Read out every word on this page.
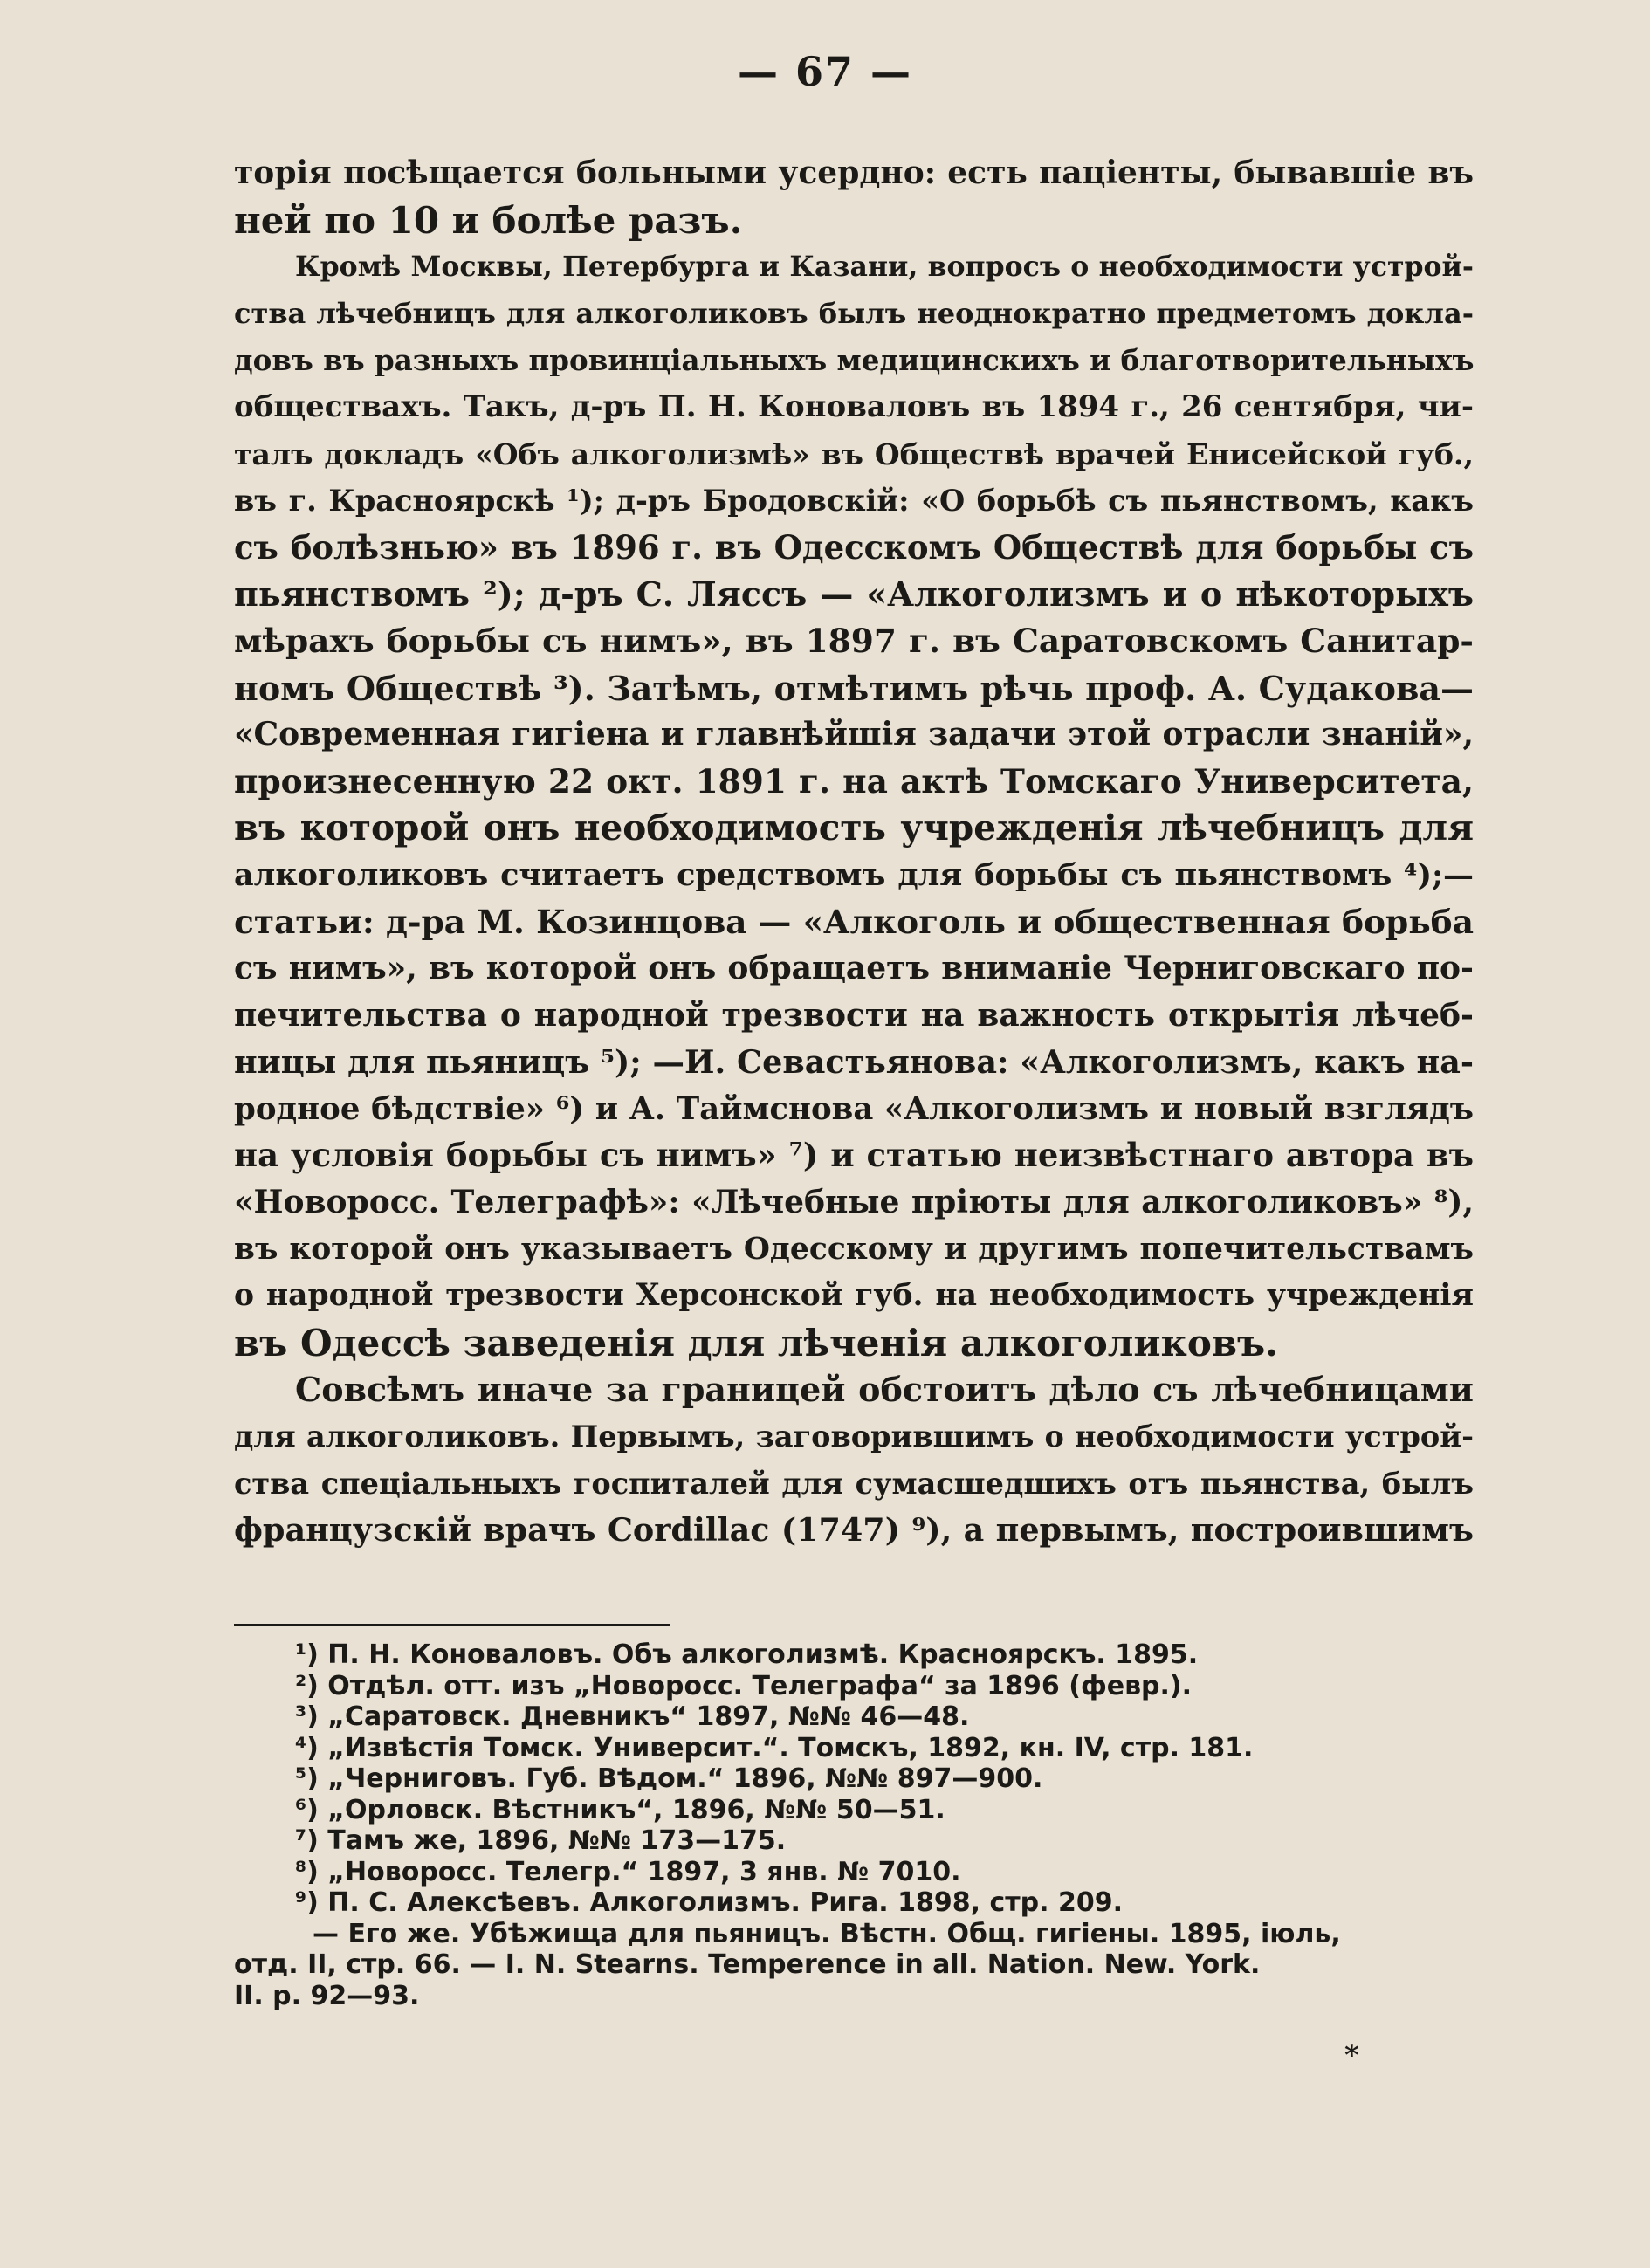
— 67 —
торія посѣщается больными усердно: есть пацiенты, бывавшiе въ
ней по 10 и болѣе разъ.
Кромѣ Москвы, Петербурга и Казани, вопросъ о необходимости устрой-
ства лѣчебницъ для алкоголиковъ былъ неоднократно предметомъ докла-
довъ въ разныхъ провинцiальныхъ медицинскихъ и благотворительныхъ
обществахъ. Такъ, д-ръ П. Н. Коноваловъ въ 1894 г., 26 сентября, чи-
талъ докладъ «Объ алкоголизмѣ» въ Обществѣ врачей Енисейской губ.,
въ г. Красноярскѣ ¹); д-ръ Бродовскiй: «О борьбѣ съ пьянствомъ, какъ
съ болѣзнью» въ 1896 г. въ Одесскомъ Обществѣ для борьбы съ
пьянствомъ ²); д-ръ С. Ляссъ — «Алкоголизмъ и о нѣкоторыхъ
мѣрахъ борьбы съ нимъ», въ 1897 г. въ Саратовскомъ Санитар-
номъ Обществѣ ³). Затѣмъ, отмѣтимъ рѣчь проф. А. Судакова—
«Современная гигiена и главнѣйшiя задачи этой отрасли знанiй»,
произнесенную 22 окт. 1891 г. на актѣ Томскаго Университета,
въ которой онъ необходимость учрежденiя лѣчебницъ для
алкоголиковъ считаетъ средствомъ для борьбы съ пьянствомъ ⁴);—
статьи: д-ра М. Козинцова — «Алкоголь и общественная борьба
съ нимъ», въ которой онъ обращаетъ вниманiе Черниговскаго по-
печительства о народной трезвости на важность открытiя лѣчеб-
ницы для пьяницъ ⁵); —И. Севастьянова: «Алкоголизмъ, какъ на-
родное бѣдствiе» ⁶) и А. Таймснова «Алкоголизмъ и новый взглядъ
на условiя борьбы съ нимъ» ⁷) и статью неизвѣстнаго автора въ
«Новоросс. Телеграфѣ»: «Лѣчебные прiюты для алкоголиковъ» ⁸),
въ которой онъ указываетъ Одесскому и другимъ попечительствамъ
о народной трезвости Херсонской губ. на необходимость учрежденiя
въ Одессѣ заведенiя для лѣченiя алкоголиковъ.
Совсѣмъ иначе за границей обстоитъ дѣло съ лѣчебницами
для алкоголиковъ. Первымъ, заговорившимъ о необходимости устрой-
ства спецiальныхъ госпиталей для сумасшедшихъ отъ пьянства, былъ
французскiй врачъ Cordillac (1747) ⁹), а первымъ, построившимъ
¹) П. Н. Коноваловъ. Объ алкоголизмѣ. Красноярскъ. 1895.
²) Отдѣл. отт. изъ „Новоросс. Телеграфа“ за 1896 (февр.).
³) „Саратовск. Дневникъ“ 1897, №№ 46—48.
⁴) „Извѣстiя Томск. Университ.“. Томскъ, 1892, кн. IV, стр. 181.
⁵) „Черниговъ. Губ. Вѣдом.“ 1896, №№ 897—900.
⁶) „Орловск. Вѣстникъ“, 1896, №№ 50—51.
⁷) Тамъ же, 1896, №№ 173—175.
⁸) „Новоросс. Телегр.“ 1897, 3 янв. № 7010.
⁹) П. С. Алексѣевъ. Алкоголизмъ. Рига. 1898, стр. 209.
— Его же. Убѣжища для пьяницъ. Вѣстн. Общ. гигiены. 1895, iюль,
отд. II, стр. 66. — I. N. Stearns. Temperence in all. Nation. New. York.
II. p. 92—93.
*
